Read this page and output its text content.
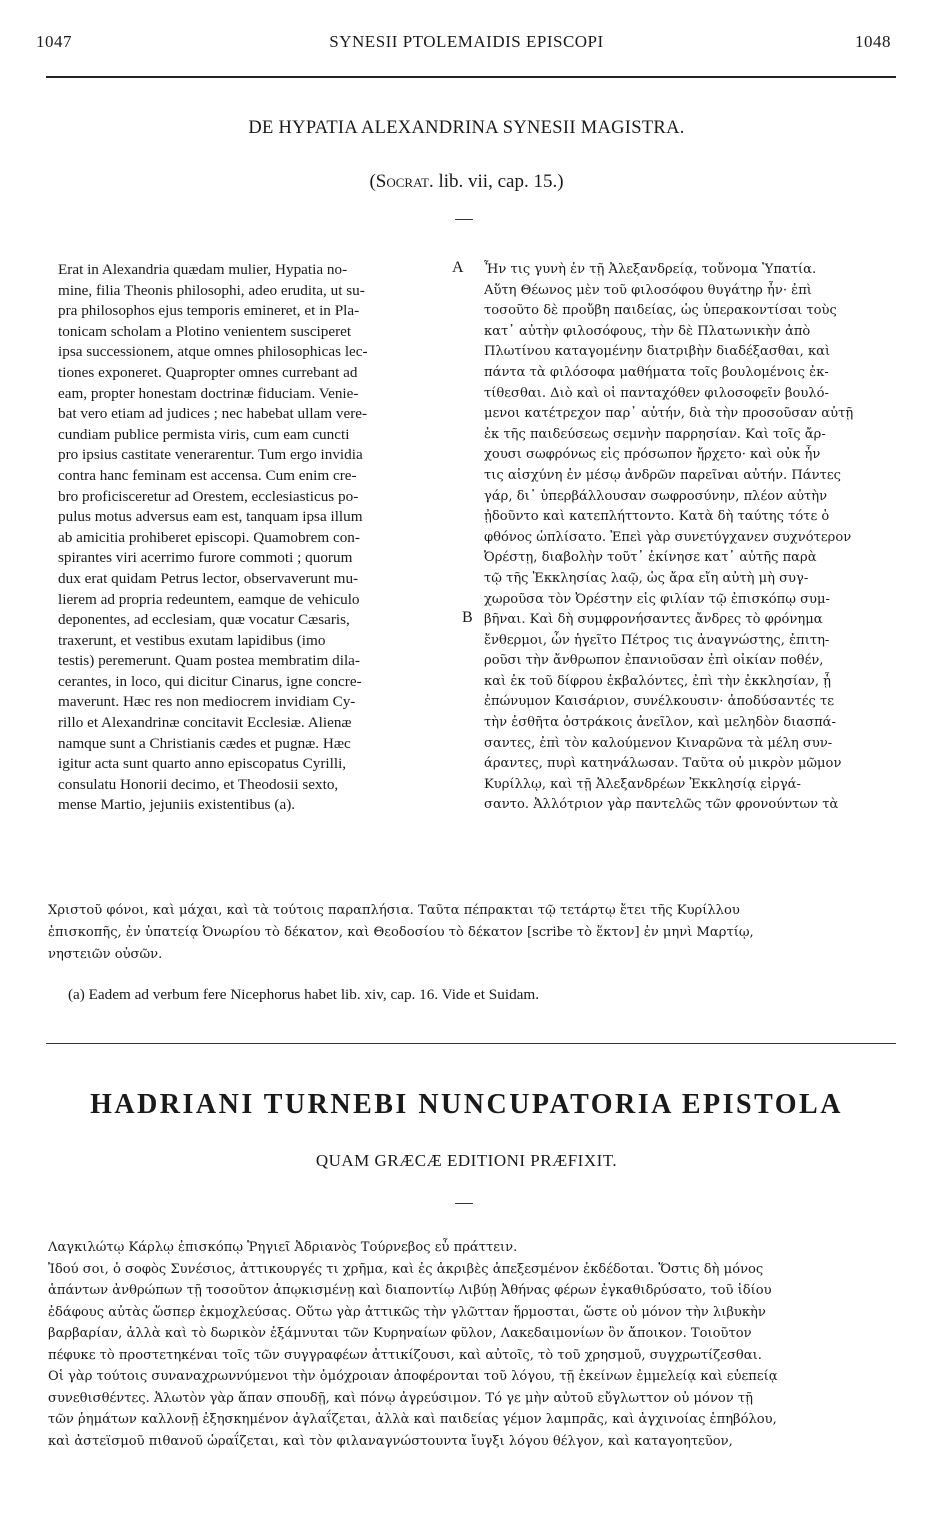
1047	SYNESII PTOLEMAIDIS EPISCOPI	1048
DE HYPATIA ALEXANDRINA SYNESII MAGISTRA.
(Socrat. lib. vii, cap. 15.)
A
B
Erat in Alexandria quædam mulier, Hypatia no-
mine, filia Theonis philosophi, adeo erudita, ut su-
pra philosophos ejus temporis emineret, et in Pla-
tonicam scholam a Plotino venientem susciperet
ipsa successionem, atque omnes philosophicas lec-
tiones exponeret. Quapropter omnes currebant ad
eam, propter honestam doctrinæ fiduciam. Venie-
bat vero etiam ad judices ; nec habebat ullam vere-
cundiam publice permista viris, cum eam cuncti
pro ipsius castitate venerarentur. Tum ergo invidia
contra hanc feminam est accensa. Cum enim cre-
bro proficisceretur ad Orestem, ecclesiasticus po-
pulus motus adversus eam est, tanquam ipsa illum
ab amicitia prohiberet episcopi. Quamobrem con-
spirantes viri acerrimo furore commoti ; quorum
dux erat quidam Petrus lector, observaverunt mu-
lierem ad propria redeuntem, eamque de vehiculo
deponentes, ad ecclesiam, quæ vocatur Cæsaris,
traxerunt, et vestibus exutam lapidibus (imo
testis) peremerunt. Quam postea membratim dila-
cerantes, in loco, qui dicitur Cinarus, igne concre-
maverunt. Hæc res non mediocrem invidiam Cy-
rillo et Alexandrinæ concitavit Ecclesiæ. Alienæ
namque sunt a Christianis cædes et pugnæ. Hæc
igitur acta sunt quarto anno episcopatus Cyrilli,
consulatu Honorii decimo, et Theodosii sexto,
mense Martio, jejuniis existentibus (a).
Ἦν τις γυνὴ ἐν τῇ Ἀλεξανδρείᾳ, τοὔνομα Ὑπατία.
Αὕτη Θέωνος μὲν τοῦ φιλοσόφου θυγάτηρ ἦν· ἐπὶ
τοσοῦτο δὲ προὔβη παιδείας, ὡς ὑπερακοντίσαι τοὺς
κατ᾽ αὐτὴν φιλοσόφους, τὴν δὲ Πλατωνικὴν ἀπὸ
Πλωτίνου καταγομένην διατριβὴν διαδέξασθαι, καὶ
πάντα τὰ φιλόσοφα μαθήματα τοῖς βουλομένοις ἐκ-
τίθεσθαι. Διὸ καὶ οἱ πανταχόθεν φιλοσοφεῖν βουλό-
μενοι κατέτρεχον παρ᾽ αὐτήν, διὰ τὴν προσοῦσαν αὐτῇ
ἐκ τῆς παιδεύσεως σεμνὴν παρρησίαν. Καὶ τοῖς ἄρ-
χουσι σωφρόνως εἰς πρόσωπον ἤρχετο· καὶ οὐκ ἦν
τις αἰσχύνη ἐν μέσῳ ἀνδρῶν παρεῖναι αὐτήν. Πάντες
γάρ, δι᾽ ὑπερβάλλουσαν σωφροσύνην, πλέον αὐτὴν
ᾐδοῦντο καὶ κατεπλήττοντο. Κατὰ δὴ ταύτης τότε ὁ
φθόνος ὡπλίσατο. Ἐπεὶ γὰρ συνετύγχανεν συχνότερον
Ὀρέστῃ, διαβολὴν τοῦτ᾽ ἐκίνησε κατ᾽ αὐτῆς παρὰ
τῷ τῆς Ἐκκλησίας λαῷ, ὡς ἄρα εἴη αὐτὴ μὴ συγ-
χωροῦσα τὸν Ὀρέστην εἰς φιλίαν τῷ ἐπισκόπῳ συμ-
βῆναι. Καὶ δὴ συμφρονήσαντες ἄνδρες τὸ φρόνημα
ἔνθερμοι, ὧν ἡγεῖτο Πέτρος τις ἀναγνώστης, ἐπιτη-
ροῦσι τὴν ἄνθρωπον ἐπανιοῦσαν ἐπὶ οἰκίαν ποθέν,
καὶ ἐκ τοῦ δίφρου ἐκβαλόντες, ἐπὶ τὴν ἐκκλησίαν, ᾗ
ἐπώνυμον Καισάριον, συνέλκουσιν· ἀποδύσαντές τε
τὴν ἐσθῆτα ὀστράκοις ἀνεῖλον, καὶ μεληδὸν διασπά-
σαντες, ἐπὶ τὸν καλούμενον Κιναρῶνα τὰ μέλη συν-
άραντες, πυρὶ κατηνάλωσαν. Ταῦτα οὐ μικρὸν μῶμον
Κυρίλλῳ, καὶ τῇ Ἀλεξανδρέων Ἐκκλησίᾳ εἰργά-
σαντο. Ἀλλότριον γὰρ παντελῶς τῶν φρονούντων τὰ
Χριστοῦ φόνοι, καὶ μάχαι, καὶ τὰ τούτοις παραπλήσια. Ταῦτα πέπρακται τῷ τετάρτῳ ἔτει τῆς Κυρίλλου
ἐπισκοπῆς, ἐν ὑπατείᾳ Ὀνωρίου τὸ δέκατον, καὶ Θεοδοσίου τὸ δέκατον [scribe τὸ ἕκτον] ἐν μηνὶ Μαρτίῳ,
νηστειῶν οὐσῶν.
(a) Eadem ad verbum fere Nicephorus habet lib. xiv, cap. 16. Vide et Suidam.
HADRIANI TURNEBI NUNCUPATORIA EPISTOLA
QUAM GRÆCÆ EDITIONI PRÆFIXIT.
Λαγκιλώτῳ Κάρλῳ ἐπισκόπῳ Ῥηγιεῖ Ἀδριανὸς Τούρνεβος εὖ πράττειν.
Ἰδού σοι, ὁ σοφὸς Συνέσιος, ἀττικουργές τι χρῆμα, καὶ ἐς ἀκριβὲς ἀπεξεσμένον ἐκδέδοται. Ὅστις δὴ μόνος
ἁπάντων ἀνθρώπων τῇ τοσοῦτον ἀπῳκισμένῃ καὶ διαποντίῳ Λιβύῃ Ἀθήνας φέρων ἐγκαθιδρύσατο, τοῦ ἰδίου
ἐδάφους αὐτὰς ὥσπερ ἐκμοχλεύσας. Οὕτω γὰρ ἀττικῶς τὴν γλῶτταν ἥρμοσται, ὥστε οὐ μόνον τὴν λιβυκὴν
βαρβαρίαν, ἀλλὰ καὶ τὸ δωρικὸν ἐξάμνυται τῶν Κυρηναίων φῦλον, Λακεδαιμονίων ὂν ἄποικον. Τοιοῦτον
πέφυκε τὸ προστετηκέναι τοῖς τῶν συγγραφέων ἀττικίζουσι, καὶ αὐτοῖς, τὸ τοῦ χρησμοῦ, συγχρωτίζεσθαι.
Οἱ γὰρ τούτοις συναναχρωννύμενοι τὴν ὁμόχροιαν ἀποφέρονται τοῦ λόγου, τῇ ἐκείνων ἐμμελείᾳ καὶ εὐεπείᾳ
συνεθισθέντες. Ἀλωτὸν γὰρ ἅπαν σπουδῇ, καὶ πόνῳ ἀγρεύσιμον. Τό γε μὴν αὐτοῦ εὔγλωττον οὐ μόνον τῇ
τῶν ῥημάτων καλλονῇ ἐξησκημένον ἀγλαΐζεται, ἀλλὰ καὶ παιδείας γέμον λαμπρᾶς, καὶ ἀγχινοίας ἐπηβόλου,
καὶ ἀστεϊσμοῦ πιθανοῦ ὡραΐζεται, καὶ τὸν φιλαναγνώστουντα ἴυγξι λόγου θέλγον, καὶ καταγοητεῦον,
